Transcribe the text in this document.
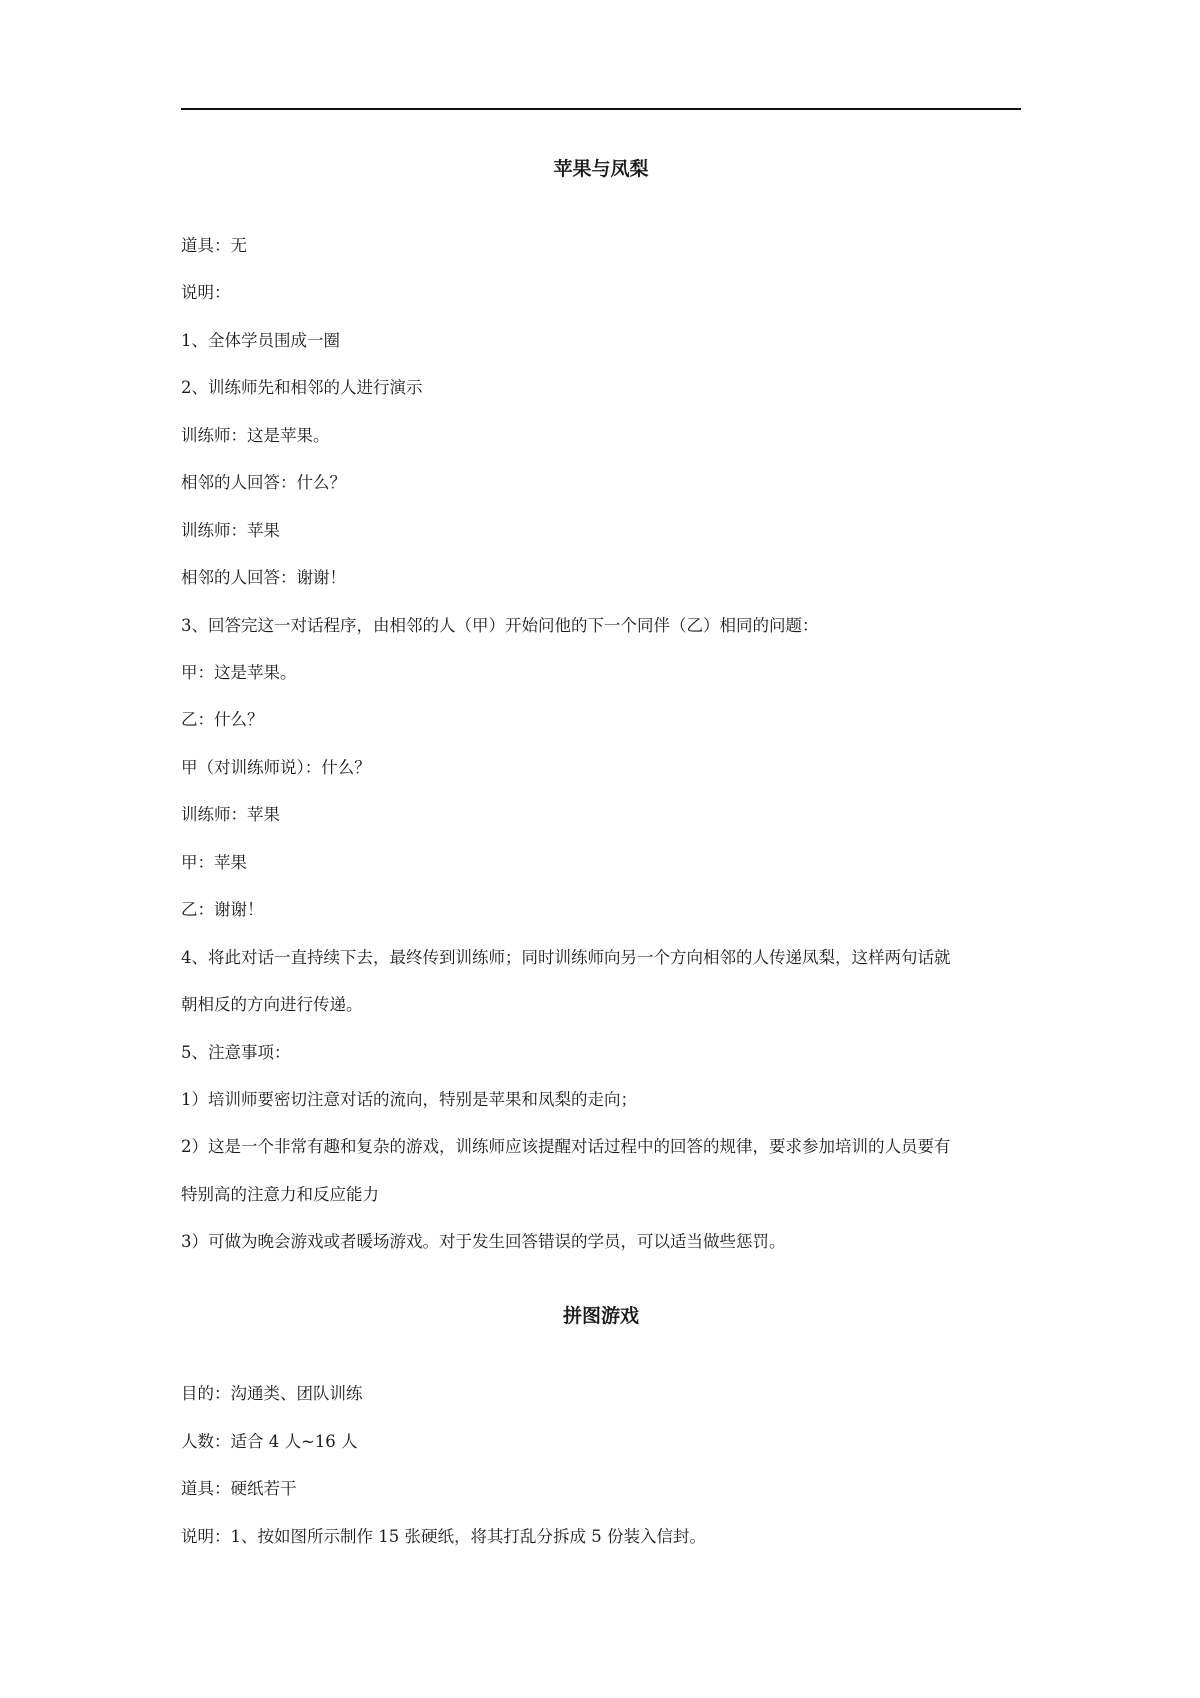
苹果与凤梨
道具：无
说明：
1、全体学员围成一圈
2、训练师先和相邻的人进行演示
训练师：这是苹果。
相邻的人回答：什么？
训练师：苹果
相邻的人回答：谢谢！
3、回答完这一对话程序，由相邻的人（甲）开始问他的下一个同伴（乙）相同的问题：
甲：这是苹果。
乙：什么？
甲（对训练师说）：什么？
训练师：苹果
甲：苹果
乙：谢谢！
4、将此对话一直持续下去，最终传到训练师；同时训练师向另一个方向相邻的人传递凤梨，这样两句话就
朝相反的方向进行传递。
5、注意事项：
1）培训师要密切注意对话的流向，特别是苹果和凤梨的走向；
2）这是一个非常有趣和复杂的游戏，训练师应该提醒对话过程中的回答的规律，要求参加培训的人员要有
特别高的注意力和反应能力
3）可做为晚会游戏或者暖场游戏。对于发生回答错误的学员，可以适当做些惩罚。
拼图游戏
目的：沟通类、团队训练
人数：适合 4 人~16 人
道具：硬纸若干
说明：1、按如图所示制作 15 张硬纸，将其打乱分拆成 5 份装入信封。
